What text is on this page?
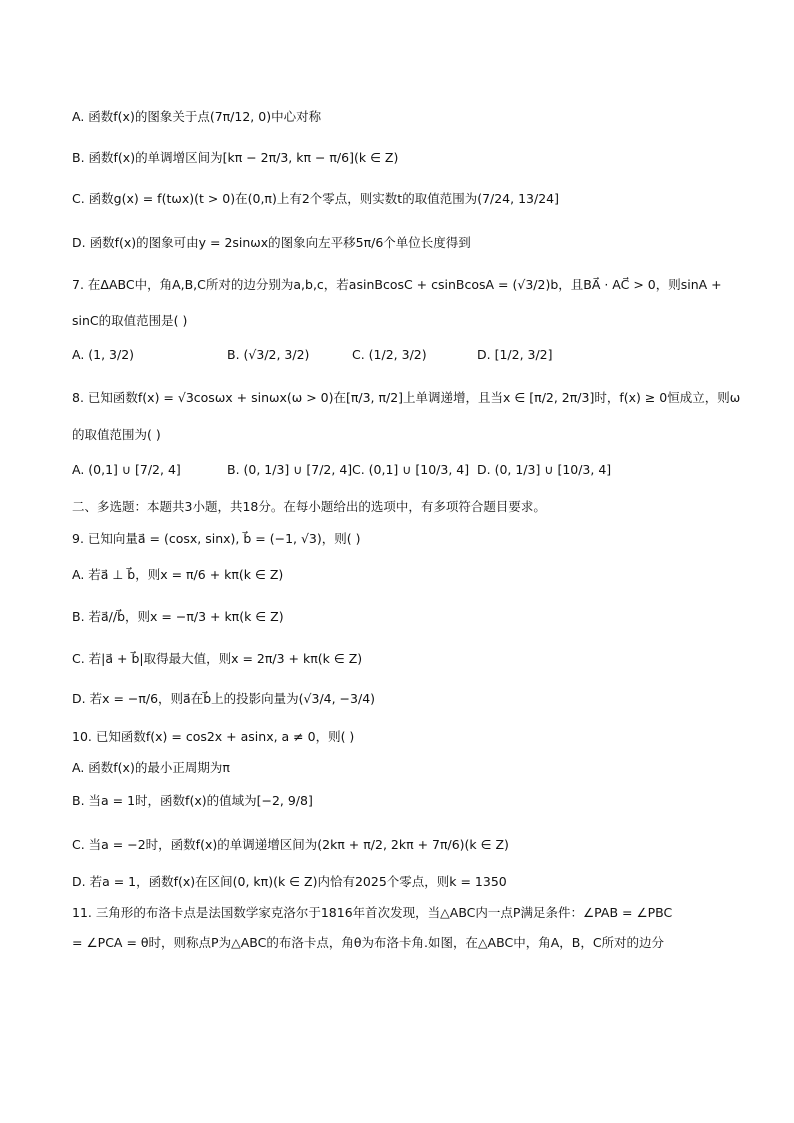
A. 函数f(x)的图象关于点(7π/12, 0)中心对称
B. 函数f(x)的单调增区间为[kπ − 2π/3, kπ − π/6](k ∈ Z)
C. 函数g(x) = f(tωx)(t > 0)在(0,π)上有2个零点，则实数t的取值范围为(7/24, 13/24]
D. 函数f(x)的图象可由y = 2sinωx的图象向左平移5π/6个单位长度得到
7. 在ΔABC中，角A,B,C所对的边分别为a,b,c，若asinBcosC + csinBcosA = (√3/2)b，且BA⃗ · AC⃗ > 0，则sinA +
sinC的取值范围是( )
A. (1, 3/2)	B. (√3/2, 3/2)	C. (1/2, 3/2)	D. [1/2, 3/2]
8. 已知函数f(x) = √3cosωx + sinωx(ω > 0)在[π/3, π/2]上单调递增，且当x ∈ [π/2, 2π/3]时，f(x) ≥ 0恒成立，则ω
的取值范围为( )
A. (0,1] ∪ [7/2, 4]	B. (0, 1/3] ∪ [7/2, 4] C. (0,1] ∪ [10/3, 4] D. (0, 1/3] ∪ [10/3, 4]
二、多选题：本题共3小题，共18分。在每小题给出的选项中，有多项符合题目要求。
9. 已知向量a⃗ = (cosx, sinx), b⃗ = (−1, √3)，则( )
A. 若a⃗ ⊥ b⃗，则x = π/6 + kπ(k ∈ Z)
B. 若a⃗//b⃗，则x = −π/3 + kπ(k ∈ Z)
C. 若|a⃗ + b⃗|取得最大值，则x = 2π/3 + kπ(k ∈ Z)
D. 若x = −π/6，则a⃗在b⃗上的投影向量为(√3/4, −3/4)
10. 已知函数f(x) = cos2x + asinx, a ≠ 0，则( )
A. 函数f(x)的最小正周期为π
B. 当a = 1时，函数f(x)的值域为[−2, 9/8]
C. 当a = −2时，函数f(x)的单调递增区间为(2kπ + π/2, 2kπ + 7π/6)(k ∈ Z)
D. 若a = 1，函数f(x)在区间(0, kπ)(k ∈ Z)内恰有2025个零点，则k = 1350
11. 三角形的布洛卡点是法国数学家克洛尔于1816年首次发现，当△ABC内一点P满足条件：∠PAB = ∠PBC
= ∠PCA = θ时，则称点P为△ABC的布洛卡点，角θ为布洛卡角.如图，在△ABC中，角A，B，C所对的边分
